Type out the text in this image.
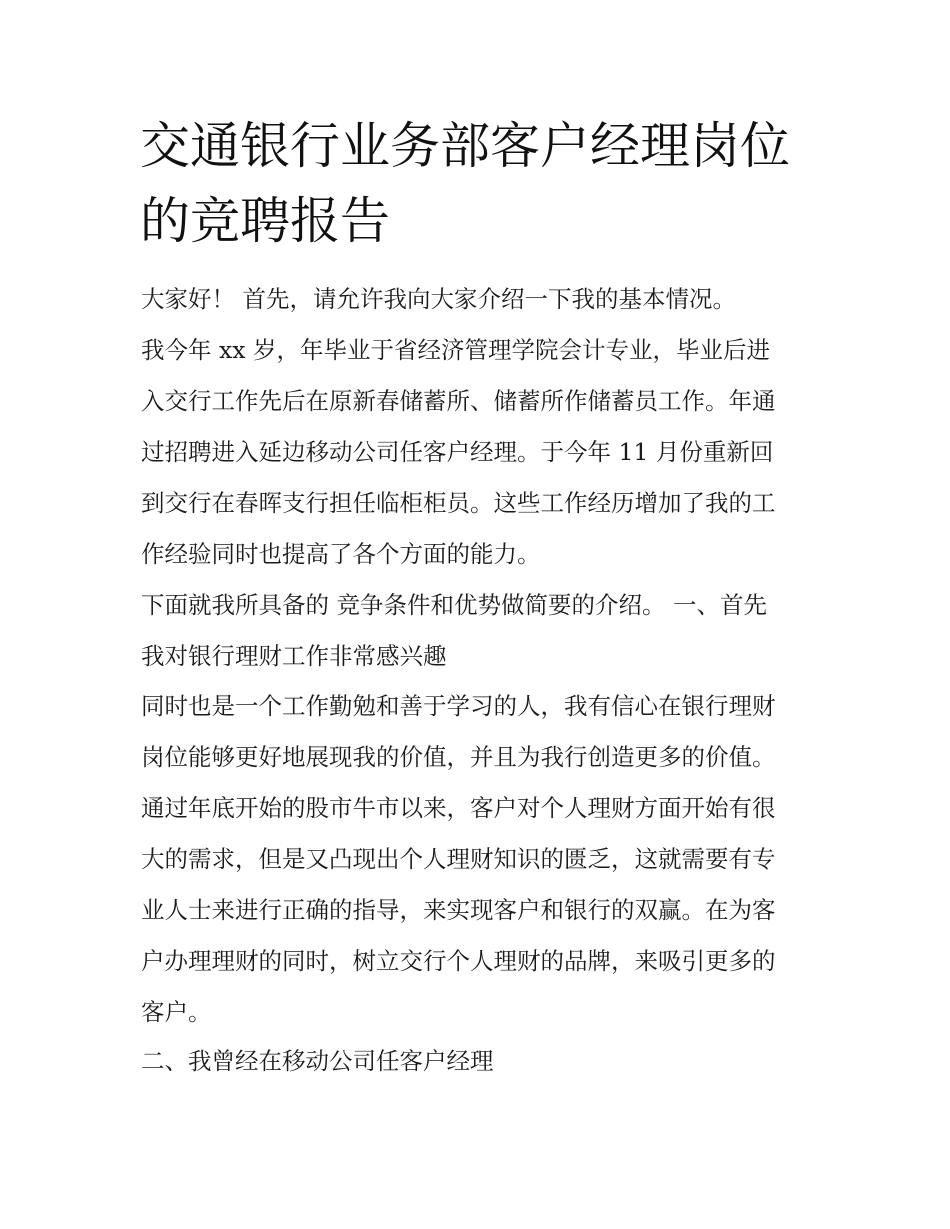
交通银行业务部客户经理岗位
的竞聘报告

大家好！ 首先，请允许我向大家介绍一下我的基本情况。

我今年 xx 岁，年毕业于省经济管理学院会计专业，毕业后进

入交行工作先后在原新春储蓄所、储蓄所作储蓄员工作。年通

过招聘进入延边移动公司任客户经理。于今年 11 月份重新回

到交行在春晖支行担任临柜柜员。这些工作经历增加了我的工

作经验同时也提高了各个方面的能力。

下面就我所具备的 竞争条件和优势做简要的介绍。 一、首先

我对银行理财工作非常感兴趣

同时也是一个工作勤勉和善于学习的人，我有信心在银行理财

岗位能够更好地展现我的价值，并且为我行创造更多的价值。

通过年底开始的股市牛市以来，客户对个人理财方面开始有很

大的需求，但是又凸现出个人理财知识的匮乏，这就需要有专

业人士来进行正确的指导，来实现客户和银行的双赢。在为客

户办理理财的同时，树立交行个人理财的品牌，来吸引更多的

客户。

二、我曾经在移动公司任客户经理
